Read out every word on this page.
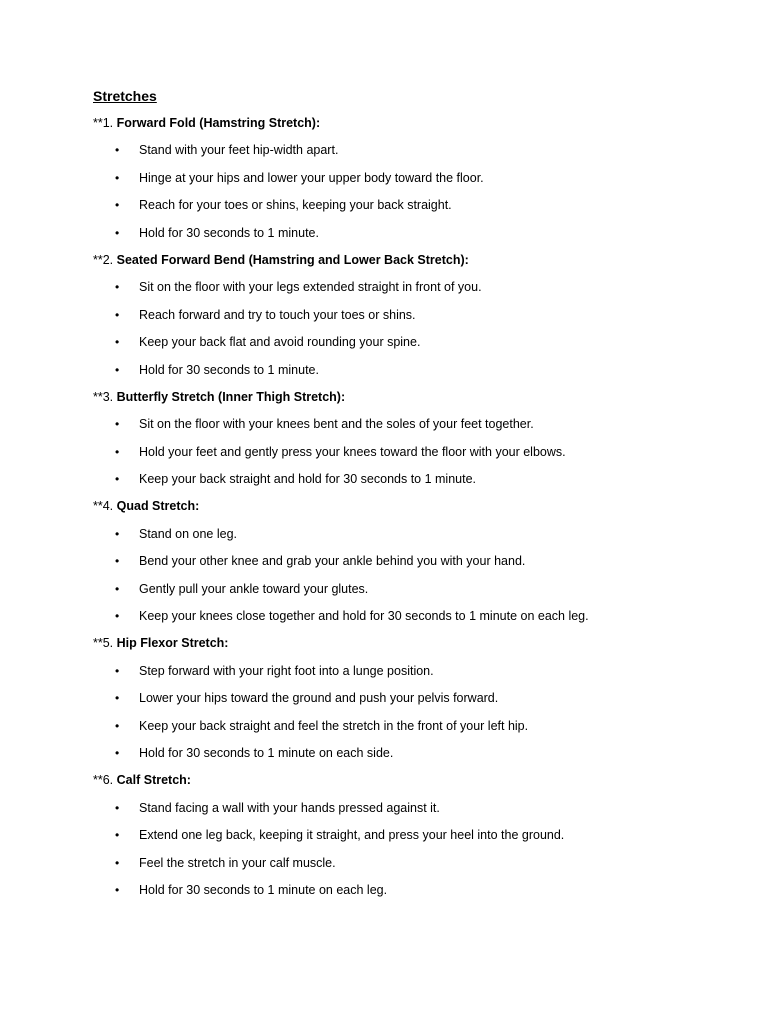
Stretches
**1. Forward Fold (Hamstring Stretch):
• Stand with your feet hip-width apart.
• Hinge at your hips and lower your upper body toward the floor.
• Reach for your toes or shins, keeping your back straight.
• Hold for 30 seconds to 1 minute.
**2. Seated Forward Bend (Hamstring and Lower Back Stretch):
• Sit on the floor with your legs extended straight in front of you.
• Reach forward and try to touch your toes or shins.
• Keep your back flat and avoid rounding your spine.
• Hold for 30 seconds to 1 minute.
**3. Butterfly Stretch (Inner Thigh Stretch):
• Sit on the floor with your knees bent and the soles of your feet together.
• Hold your feet and gently press your knees toward the floor with your elbows.
• Keep your back straight and hold for 30 seconds to 1 minute.
**4. Quad Stretch:
• Stand on one leg.
• Bend your other knee and grab your ankle behind you with your hand.
• Gently pull your ankle toward your glutes.
• Keep your knees close together and hold for 30 seconds to 1 minute on each leg.
**5. Hip Flexor Stretch:
• Step forward with your right foot into a lunge position.
• Lower your hips toward the ground and push your pelvis forward.
• Keep your back straight and feel the stretch in the front of your left hip.
• Hold for 30 seconds to 1 minute on each side.
**6. Calf Stretch:
• Stand facing a wall with your hands pressed against it.
• Extend one leg back, keeping it straight, and press your heel into the ground.
• Feel the stretch in your calf muscle.
• Hold for 30 seconds to 1 minute on each leg.
